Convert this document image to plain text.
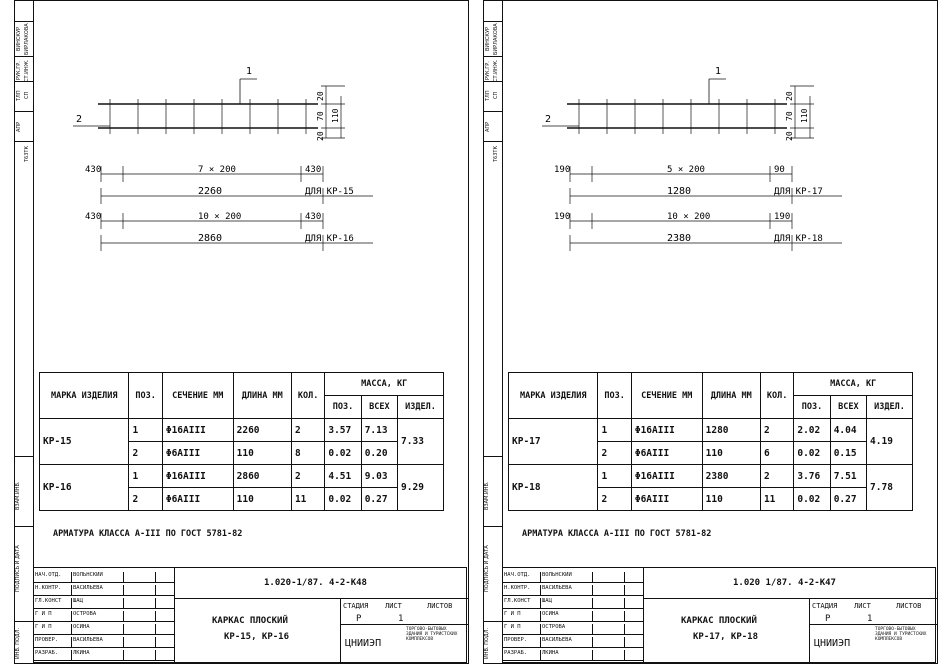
АПР
Т63ТК
ТЛП СП
РУК.ГР. СТ.ИНЖ.
ВИНСКУР БИРЛАКОВА
ВЗАМ.ИНВ.
ПОДПИСЬ И ДАТА
ИНВ. ПОДЛ.
1
2
20
70
20
110
430	7 × 200	430
2260	ДЛЯ КР-15
430	10 × 200	430
2860	ДЛЯ КР-16
МАРКА ИЗДЕЛИЯ	ПОЗ.	СЕЧЕНИЕ ММ	ДЛИНА ММ	КОЛ.	МАССА, КГ		
					ПОЗ.	ВСЕХ	ИЗДЕЛ.
КР-15	1	Φ16AIII	2260	2	3.57	7.13	7.33
	2	Φ6AIII	110	8	0.02	0.20	
КР-16	1	Φ16AIII	2860	2	4.51	9.03	9.29
	2	Φ6AIII	110	11	0.02	0.27	
АРМАТУРА КЛАССА A-III ПО ГОСТ 5781-82
НАЧ.ОТД.	ВОЛЬНСКИЙ
Н.КОНТР.	ВАСИЛЬЕВА
ГЛ.КОНСТ	ШАЦ
Г И П	ОСТРОВА
Г И П	ОСИНА
ПРОВЕР.	ВАСИЛЬЕВА
РАЗРАБ.	ЛКИНА
1.020-1/87. 4-2-К48
КАРКАС ПЛОСКИЙ
КР-15, КР-16
СТАДИЯ ЛИСТ	ЛИСТОВ
Р	1
ЦНИИЭП
ТОРГОВО-БЫТОВЫХ ЗДАНИЯ И ТУРИСТСКИХ КОМПЛЕКСОВ
АПР
Т63ТК
ТЛП СП
РУК.ГР. СТ.ИНЖ.
ВИНСКУР БИРЛАКОВА
ВЗАМ.ИНВ.
ПОДПИСЬ И ДАТА
ИНВ. ПОДЛ.
1
2
20
70
20
110
190	5 × 200	90
1280	ДЛЯ КР-17
190	10 × 200	190
2380	ДЛЯ КР-18
МАРКА ИЗДЕЛИЯ	ПОЗ.	СЕЧЕНИЕ ММ	ДЛИНА ММ	КОЛ.	МАССА, КГ		
					ПОЗ.	ВСЕХ	ИЗДЕЛ.
КР-17	1	Φ16AIII	1280	2	2.02	4.04	4.19
	2	Φ6AIII	110	6	0.02	0.15	
КР-18	1	Φ16AIII	2380	2	3.76	7.51	7.78
	2	Φ6AIII	110	11	0.02	0.27	
АРМАТУРА КЛАССА A-III ПО ГОСТ 5781-82
НАЧ.ОТД.	ВОЛЬНСКИЙ
Н.КОНТР.	ВАСИЛЬЕВА
ГЛ.КОНСТ	ШАЦ
Г И П	ОСИНА
Г И П	ОСТРОВА
ПРОВЕР.	ВАСИЛЬЕВА
РАЗРАБ.	ЛКИНА
1.020 1/87. 4-2-К47
КАРКАС ПЛОСКИЙ
КР-17, КР-18
СТАДИЯ ЛИСТ	ЛИСТОВ
Р	1
ЦНИИЭП
ТОРГОВО-БЫТОВЫХ ЗДАНИЯ И ТУРИСТСКИХ КОМПЛЕКСОВ
